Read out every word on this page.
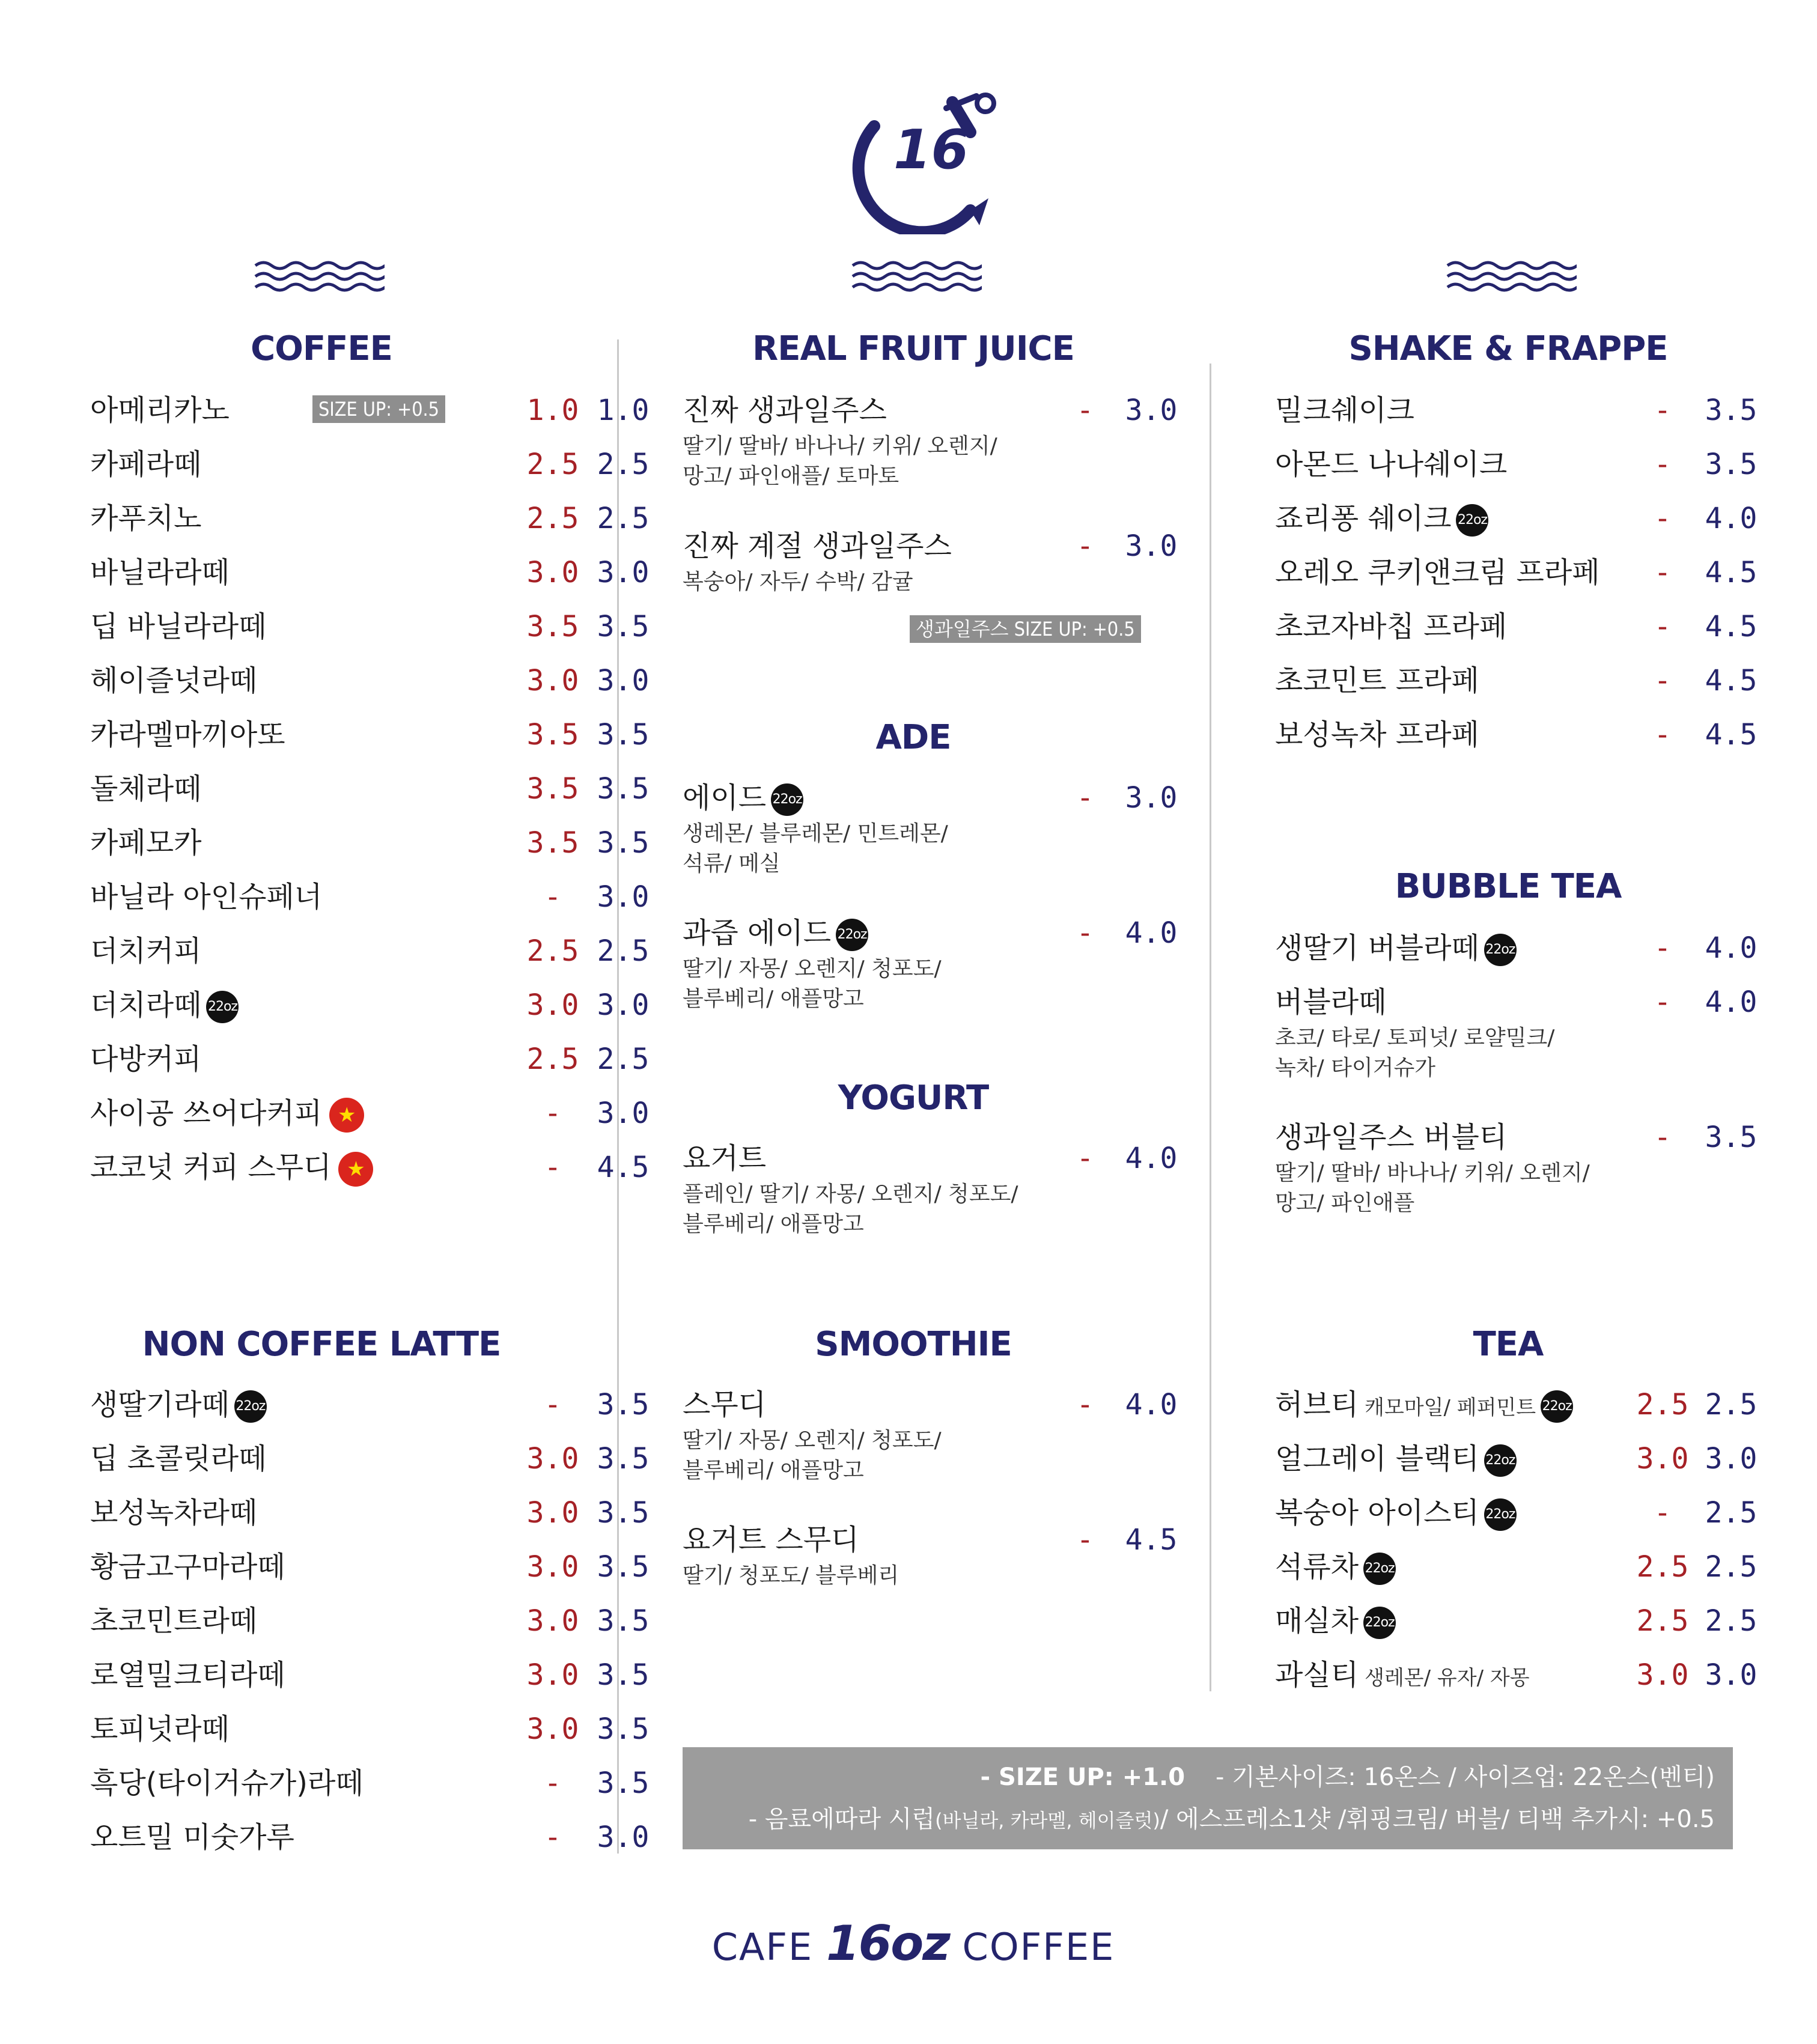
16
COFFEE
SIZE UP: +0.5
아메리카노	1.0 1.0
카페라떼	2.5 2.5
카푸치노	2.5 2.5
바닐라라떼	3.0 3.0
딥 바닐라라떼	3.5 3.5
헤이즐넛라떼	3.0 3.0
카라멜마끼아또	3.5 3.5
돌체라떼	3.5 3.5
카페모카	3.5 3.5
바닐라 아인슈페너	-	3.0
더치커피	2.5 2.5
더치라떼 22oz	3.0 3.0
다방커피	2.5 2.5
사이공 쓰어다커피 ★	-	3.0
코코넛 커피 스무디 ★	-	4.5
NON COFFEE LATTE
생딸기라떼 22oz	-	3.5
딥 초콜릿라떼	3.0 3.5
보성녹차라떼	3.0 3.5
황금고구마라떼	3.0 3.5
초코민트라떼	3.0 3.5
로열밀크티라떼	3.0 3.5
토피넛라떼	3.0 3.5
흑당(타이거슈가)라떼	-	3.5
오트밀 미숫가루	-	3.0
REAL FRUIT JUICE
진짜 생과일주스
딸기/ 딸바/ 바나나/ 키위/ 오렌지/
망고/ 파인애플/ 토마토
-	3.0
진짜 계절 생과일주스
복숭아/ 자두/ 수박/ 감귤
-	3.0
생과일주스 SIZE UP: +0.5
ADE
에이드 22oz
생레몬/ 블루레몬/ 민트레몬/
석류/ 메실
-	3.0
과즙 에이드 22oz
딸기/ 자몽/ 오렌지/ 청포도/
블루베리/ 애플망고
-	4.0
YOGURT
요거트
플레인/ 딸기/ 자몽/ 오렌지/ 청포도/
블루베리/ 애플망고
-	4.0
SMOOTHIE
스무디
딸기/ 자몽/ 오렌지/ 청포도/
블루베리/ 애플망고
-	4.0
요거트 스무디
딸기/ 청포도/ 블루베리
-	4.5
SHAKE & FRAPPE
밀크쉐이크	-	3.5
아몬드 나나쉐이크	-	3.5
죠리퐁 쉐이크 22oz	-	4.0
오레오 쿠키앤크림 프라페	-	4.5
초코자바칩 프라페	-	4.5
초코민트 프라페	-	4.5
보성녹차 프라페	-	4.5
BUBBLE TEA
생딸기 버블라떼 22oz	-	4.0
버블라떼
초코/ 타로/ 토피넛/ 로얄밀크/
녹차/ 타이거슈가
-	4.0
생과일주스 버블티
딸기/ 딸바/ 바나나/ 키위/ 오렌지/
망고/ 파인애플
-	3.5
TEA
허브티 캐모마일/ 페퍼민트 22oz 2.5 2.5
얼그레이 블랙티 22oz	3.0 3.0
복숭아 아이스티 22oz	-	2.5
석류차 22oz	2.5 2.5
매실차 22oz	2.5 2.5
과실티 생레몬/ 유자/ 자몽	3.0 3.0
- SIZE UP: +1.0 - 기본사이즈: 16온스 / 사이즈업: 22온스(벤티)
- 음료에따라 시럽(바닐라, 카라멜, 헤이즐럿)/ 에스프레소1샷 /휘핑크림/ 버블/ 티백 추가시: +0.5
CAFE 16oz COFFEE
